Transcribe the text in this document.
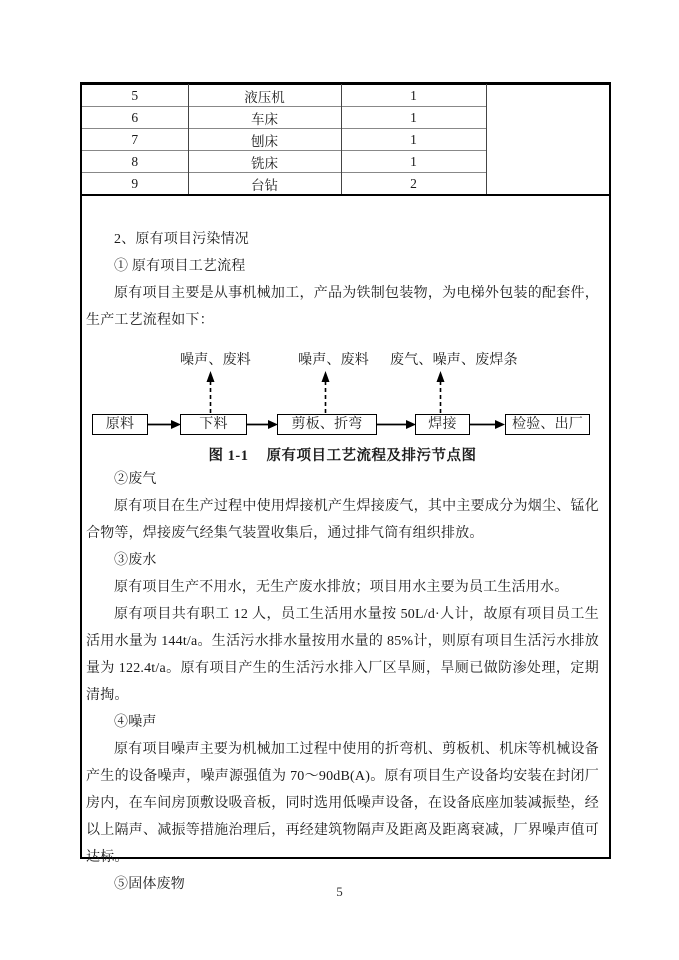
5	液压机	1	
6	车床	1	
7	刨床	1	
8	铣床	1	
9	台钻	2	

2、原有项目污染情况

① 原有项目工艺流程

原有项目主要是从事机械加工，产品为铁制包装物，为电梯外包装的配套件，生产工艺流程如下：

噪声、废料	噪声、废料 废气、噪声、废焊条
原料	下料	剪板、折弯	焊接	检验、出厂
图 1-1 原有项目工艺流程及排污节点图

②废气

原有项目在生产过程中使用焊接机产生焊接废气，其中主要成分为烟尘、锰化合物等，焊接废气经集气装置收集后，通过排气筒有组织排放。

③废水

原有项目生产不用水，无生产废水排放；项目用水主要为员工生活用水。

原有项目共有职工 12 人，员工生活用水量按 50L/d·人计，故原有项目员工生活用水量为 144t/a。生活污水排水量按用水量的 85%计，则原有项目生活污水排放量为 122.4t/a。原有项目产生的生活污水排入厂区旱厕，旱厕已做防渗处理，定期清掏。

④噪声

原有项目噪声主要为机械加工过程中使用的折弯机、剪板机、机床等机械设备产生的设备噪声，噪声源强值为 70～90dB(A)。原有项目生产设备均安装在封闭厂房内，在车间房顶敷设吸音板，同时选用低噪声设备，在设备底座加装减振垫，经以上隔声、减振等措施治理后，再经建筑物隔声及距离及距离衰减，厂界噪声值可达标。

⑤固体废物	5
